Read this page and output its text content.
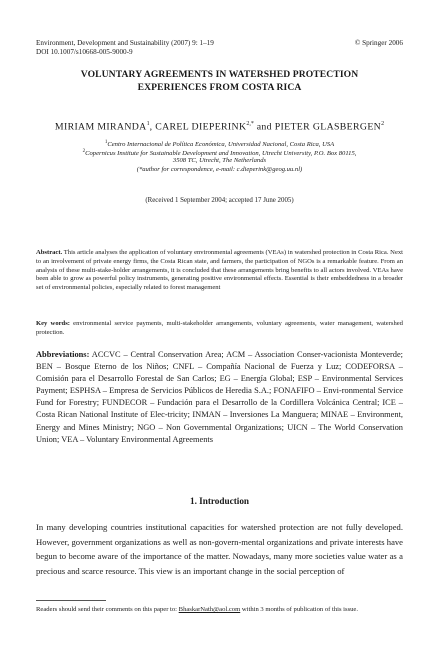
Environment, Development and Sustainability (2007) 9: 1–19
DOI 10.1007/s10668-005-9000-9
© Springer 2006
VOLUNTARY AGREEMENTS IN WATERSHED PROTECTION
EXPERIENCES FROM COSTA RICA
MIRIAM MIRANDA$^1$, CAREL $DIEPERINK^{2,*}$ and PIETER GLASBERGEN$^2$
$^1$Centro Internacional de Política Económica, Universidad Nacional, Costa Rica, USA
$^2$Copernicus Institute for Sustainable Development and Innovation, Utrecht University, P.O. Box 80115,
3508 TC, Utrecht, The Netherlands
(*author for correspondence, e-mail: c.dieperink@geog.uu.nl)
(Received 1 September 2004; accepted 17 June 2005)
Abstract. This article analyses the application of voluntary environmental agreements (VEAs) in watershed protection in Costa Rica. Next to an involvement of private energy firms, the Costa Rican state, and farmers, the participation of NGOs is a remarkable feature. From an analysis of these multi-stake-holder arrangements, it is concluded that these arrangements bring benefits to all actors involved. VEAs have been able to grow as powerful policy instruments, generating positive environmental effects. Essential is their embeddedness in a broader set of environmental policies, especially related to forest management
Key words: environmental service payments, multi-stakeholder arrangements, voluntary agreements, water management, watershed protection.
Abbreviations: ACCVC – Central Conservation Area; ACM – Association Conser-vacionista Monteverde; BEN – Bosque Eterno de los Niños; CNFL – Compañía Nacional de Fuerza y Luz; CODEFORSA – Comisión para el Desarrollo Forestal de San Carlos; EG – Energía Global; ESP – Environmental Services Payment; ESPHSA – Empresa de Servicios Públicos de Heredia S.A.; FONAFIFO – Envi-ronmental Service Fund for Forestry; FUNDECOR – Fundación para el Desarrollo de la Cordillera Volcánica Central; ICE – Costa Rican National Institute of Elec-tricity; INMAN – Inversiones La Manguera; MINAE – Environment, Energy and Mines Ministry; NGO – Non Governmental Organizations; UICN – The World Conservation Union; VEA – Voluntary Environmental Agreements
1. Introduction
In many developing countries institutional capacities for watershed protection are not fully developed. However, government organizations as well as non-govern-mental organizations and private interests have begun to become aware of the importance of the matter. Nowadays, many more societies value water as a precious and scarce resource. This view is an important change in the social perception of
Readers should send their comments on this paper to: BhaskarNath@aol.com within 3 months of publication of this issue.
